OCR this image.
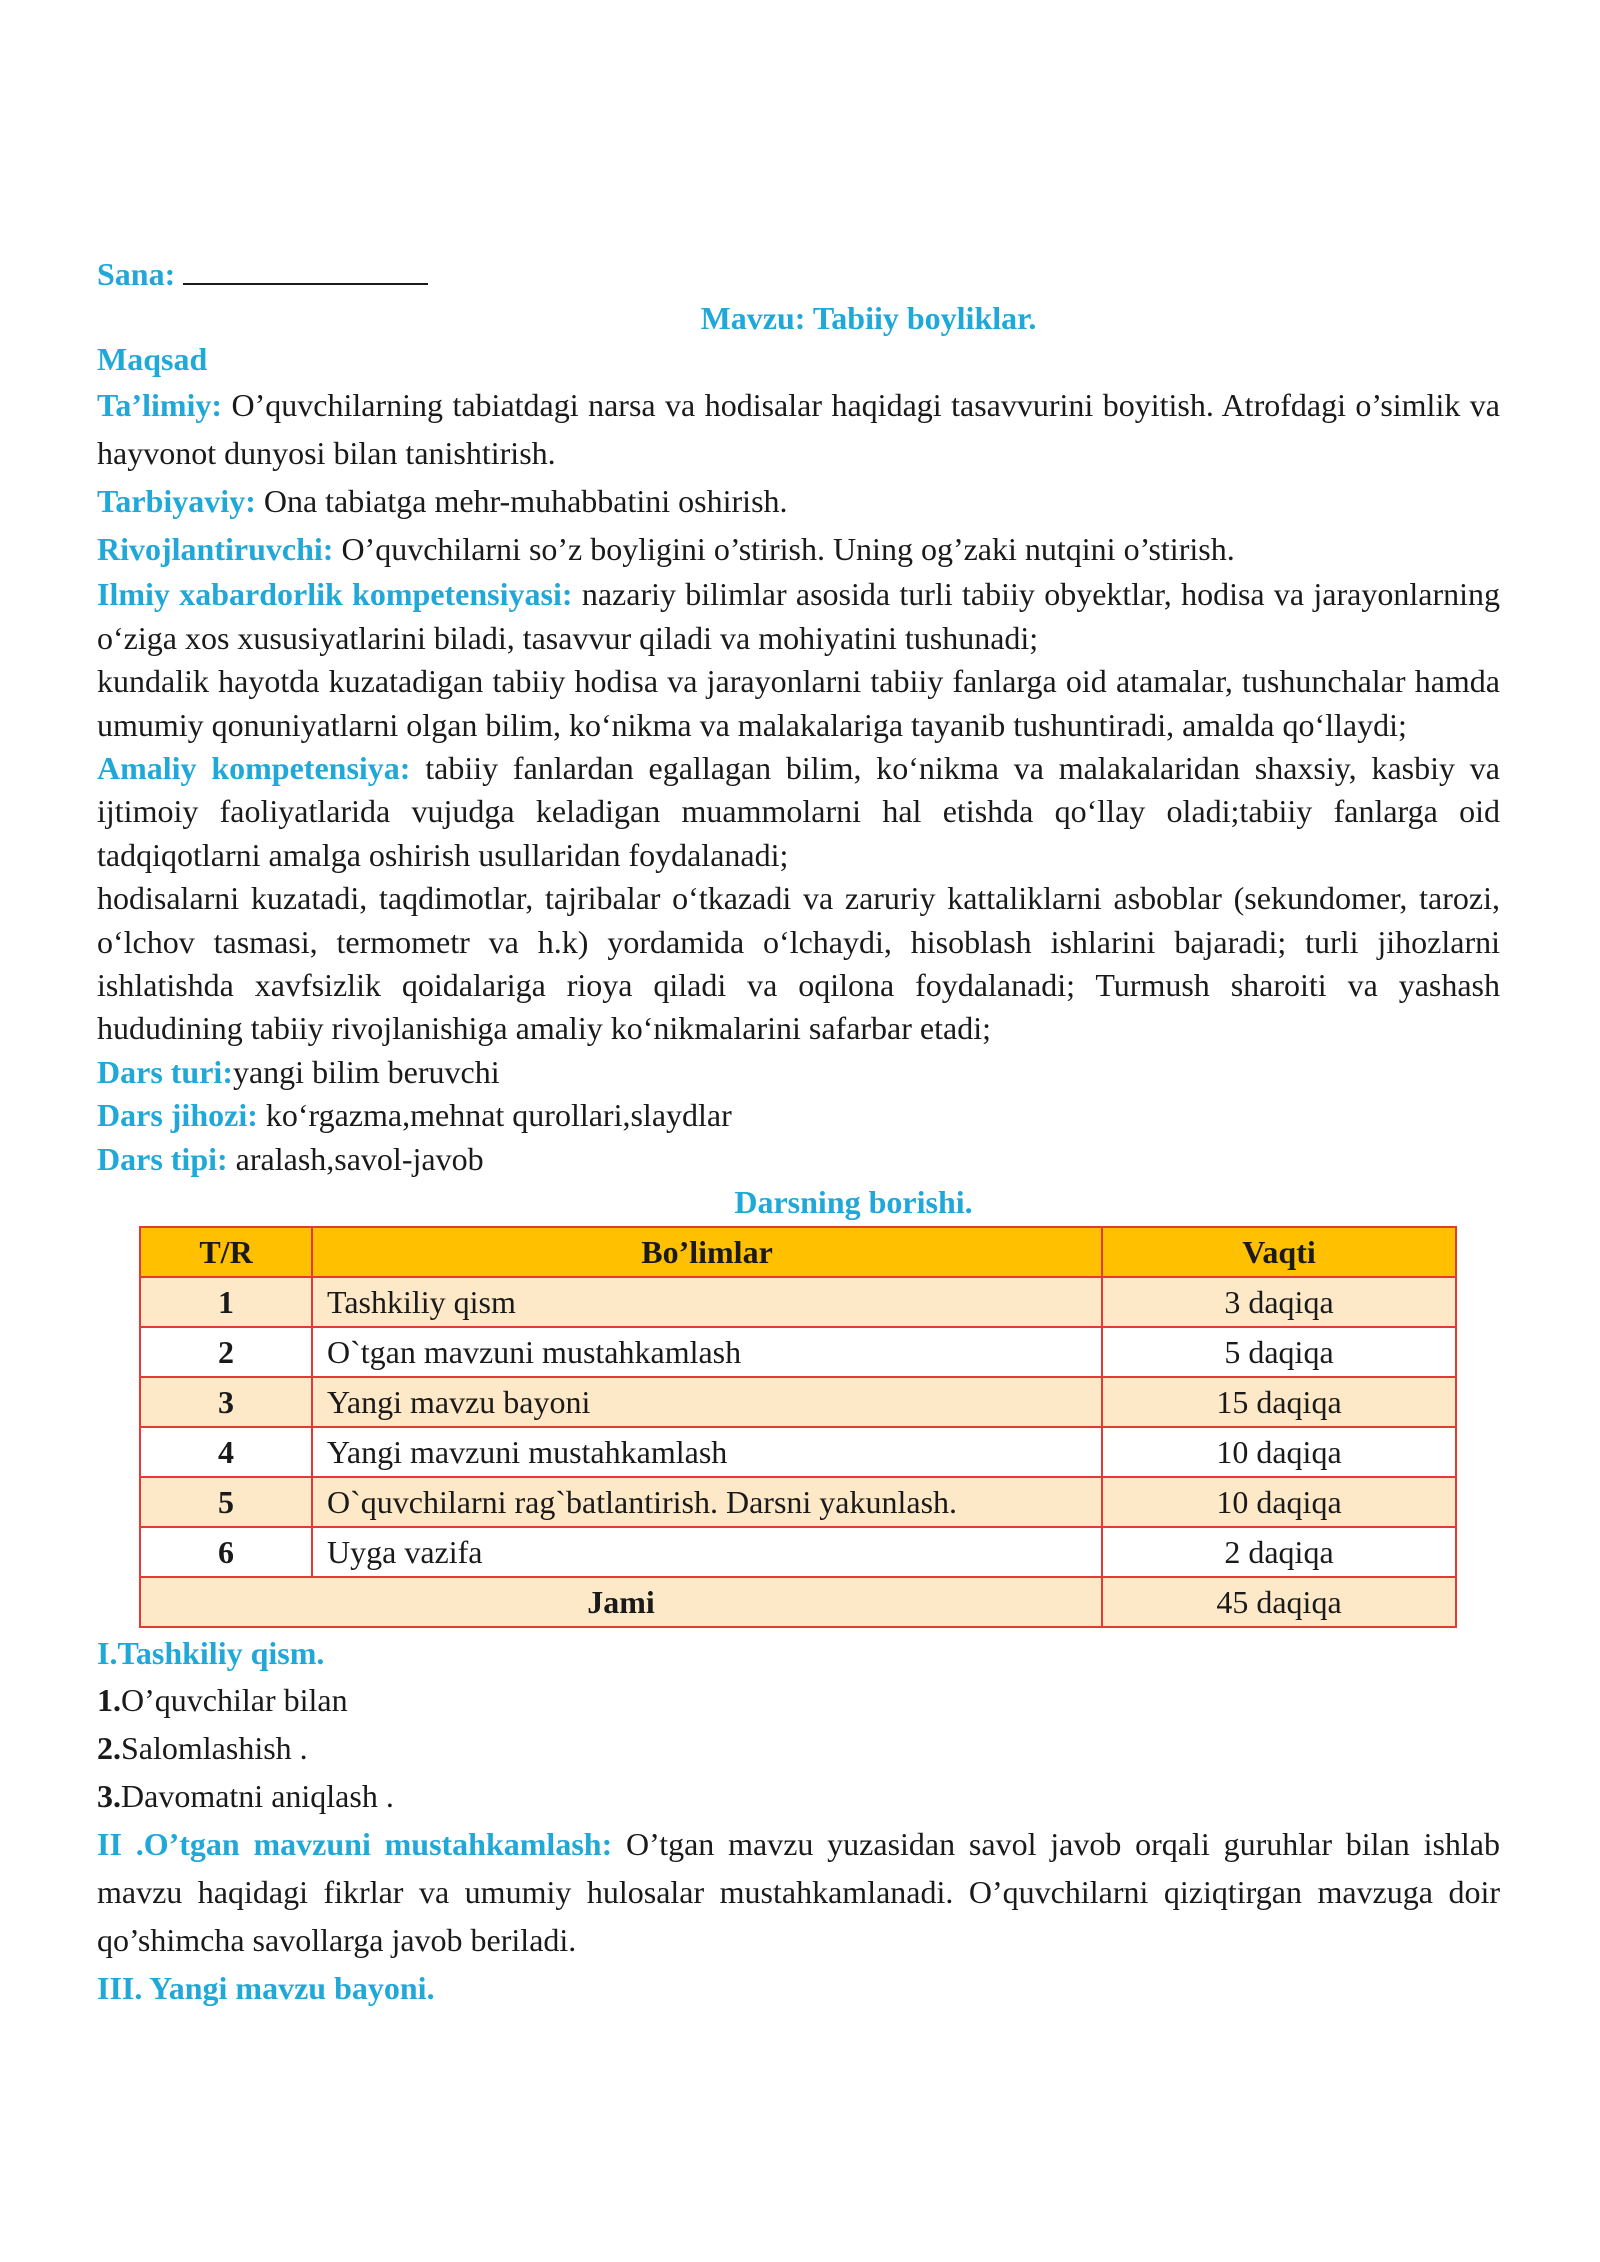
Sana:

Mavzu: Tabiiy boyliklar.

Maqsad

Ta’limiy: O’quvchilarning tabiatdagi narsa va hodisalar haqidagi tasavvurini boyitish. Atrofdagi o’simlik va hayvonot dunyosi bilan tanishtirish.

Tarbiyaviy: Ona tabiatga mehr-muhabbatini oshirish.

Rivojlantiruvchi: O’quvchilarni so’z boyligini o’stirish. Uning og’zaki nutqini o’stirish.

Ilmiy xabardorlik kompetensiyasi: nazariy bilimlar asosida turli tabiiy obyektlar, hodisa va jarayonlarning o‘ziga xos xususiyatlarini biladi, tasavvur qiladi va mohiyatini tushunadi;

kundalik hayotda kuzatadigan tabiiy hodisa va jarayonlarni tabiiy fanlarga oid atamalar, tushunchalar hamda umumiy qonuniyatlarni olgan bilim, ko‘nikma va malakalariga tayanib tushuntiradi, amalda qo‘llaydi;

Amaliy kompetensiya: tabiiy fanlardan egallagan bilim, ko‘nikma va malakalaridan shaxsiy, kasbiy va ijtimoiy faoliyatlarida vujudga keladigan muammolarni hal etishda qo‘llay oladi;tabiiy fanlarga oid tadqiqotlarni amalga oshirish usullaridan foydalanadi;

hodisalarni kuzatadi, taqdimotlar, tajribalar o‘tkazadi va zaruriy kattaliklarni asboblar (sekundomer, tarozi, o‘lchov tasmasi, termometr va h.k) yordamida o‘lchaydi, hisoblash ishlarini bajaradi; turli jihozlarni ishlatishda xavfsizlik qoidalariga rioya qiladi va oqilona foydalanadi; Turmush sharoiti va yashash hududining tabiiy rivojlanishiga amaliy ko‘nikmalarini safarbar etadi;

Dars turi:yangi bilim beruvchi

Dars jihozi: ko‘rgazma,mehnat qurollari,slaydlar

Dars tipi: aralash,savol-javob

Darsning borishi.
T/R	Bo’limlar	Vaqti
1	Tashkiliy qism	3 daqiqa
2	O`tgan mavzuni mustahkamlash	5 daqiqa
3	Yangi mavzu bayoni	15 daqiqa
4	Yangi mavzuni mustahkamlash	10 daqiqa
5	O`quvchilarni rag`batlantirish. Darsni yakunlash.	10 daqiqa
6	Uyga vazifa	2 daqiqa
Jami		45 daqiqa

I.Tashkiliy qism.

1.O’quvchilar bilan

2.Salomlashish .

3.Davomatni aniqlash .

II .O’tgan mavzuni mustahkamlash: O’tgan mavzu yuzasidan savol javob orqali guruhlar bilan ishlab mavzu haqidagi fikrlar va umumiy hulosalar mustahkamlanadi. O’quvchilarni qiziqtirgan mavzuga doir qo’shimcha savollarga javob beriladi.

III. Yangi mavzu bayoni.
